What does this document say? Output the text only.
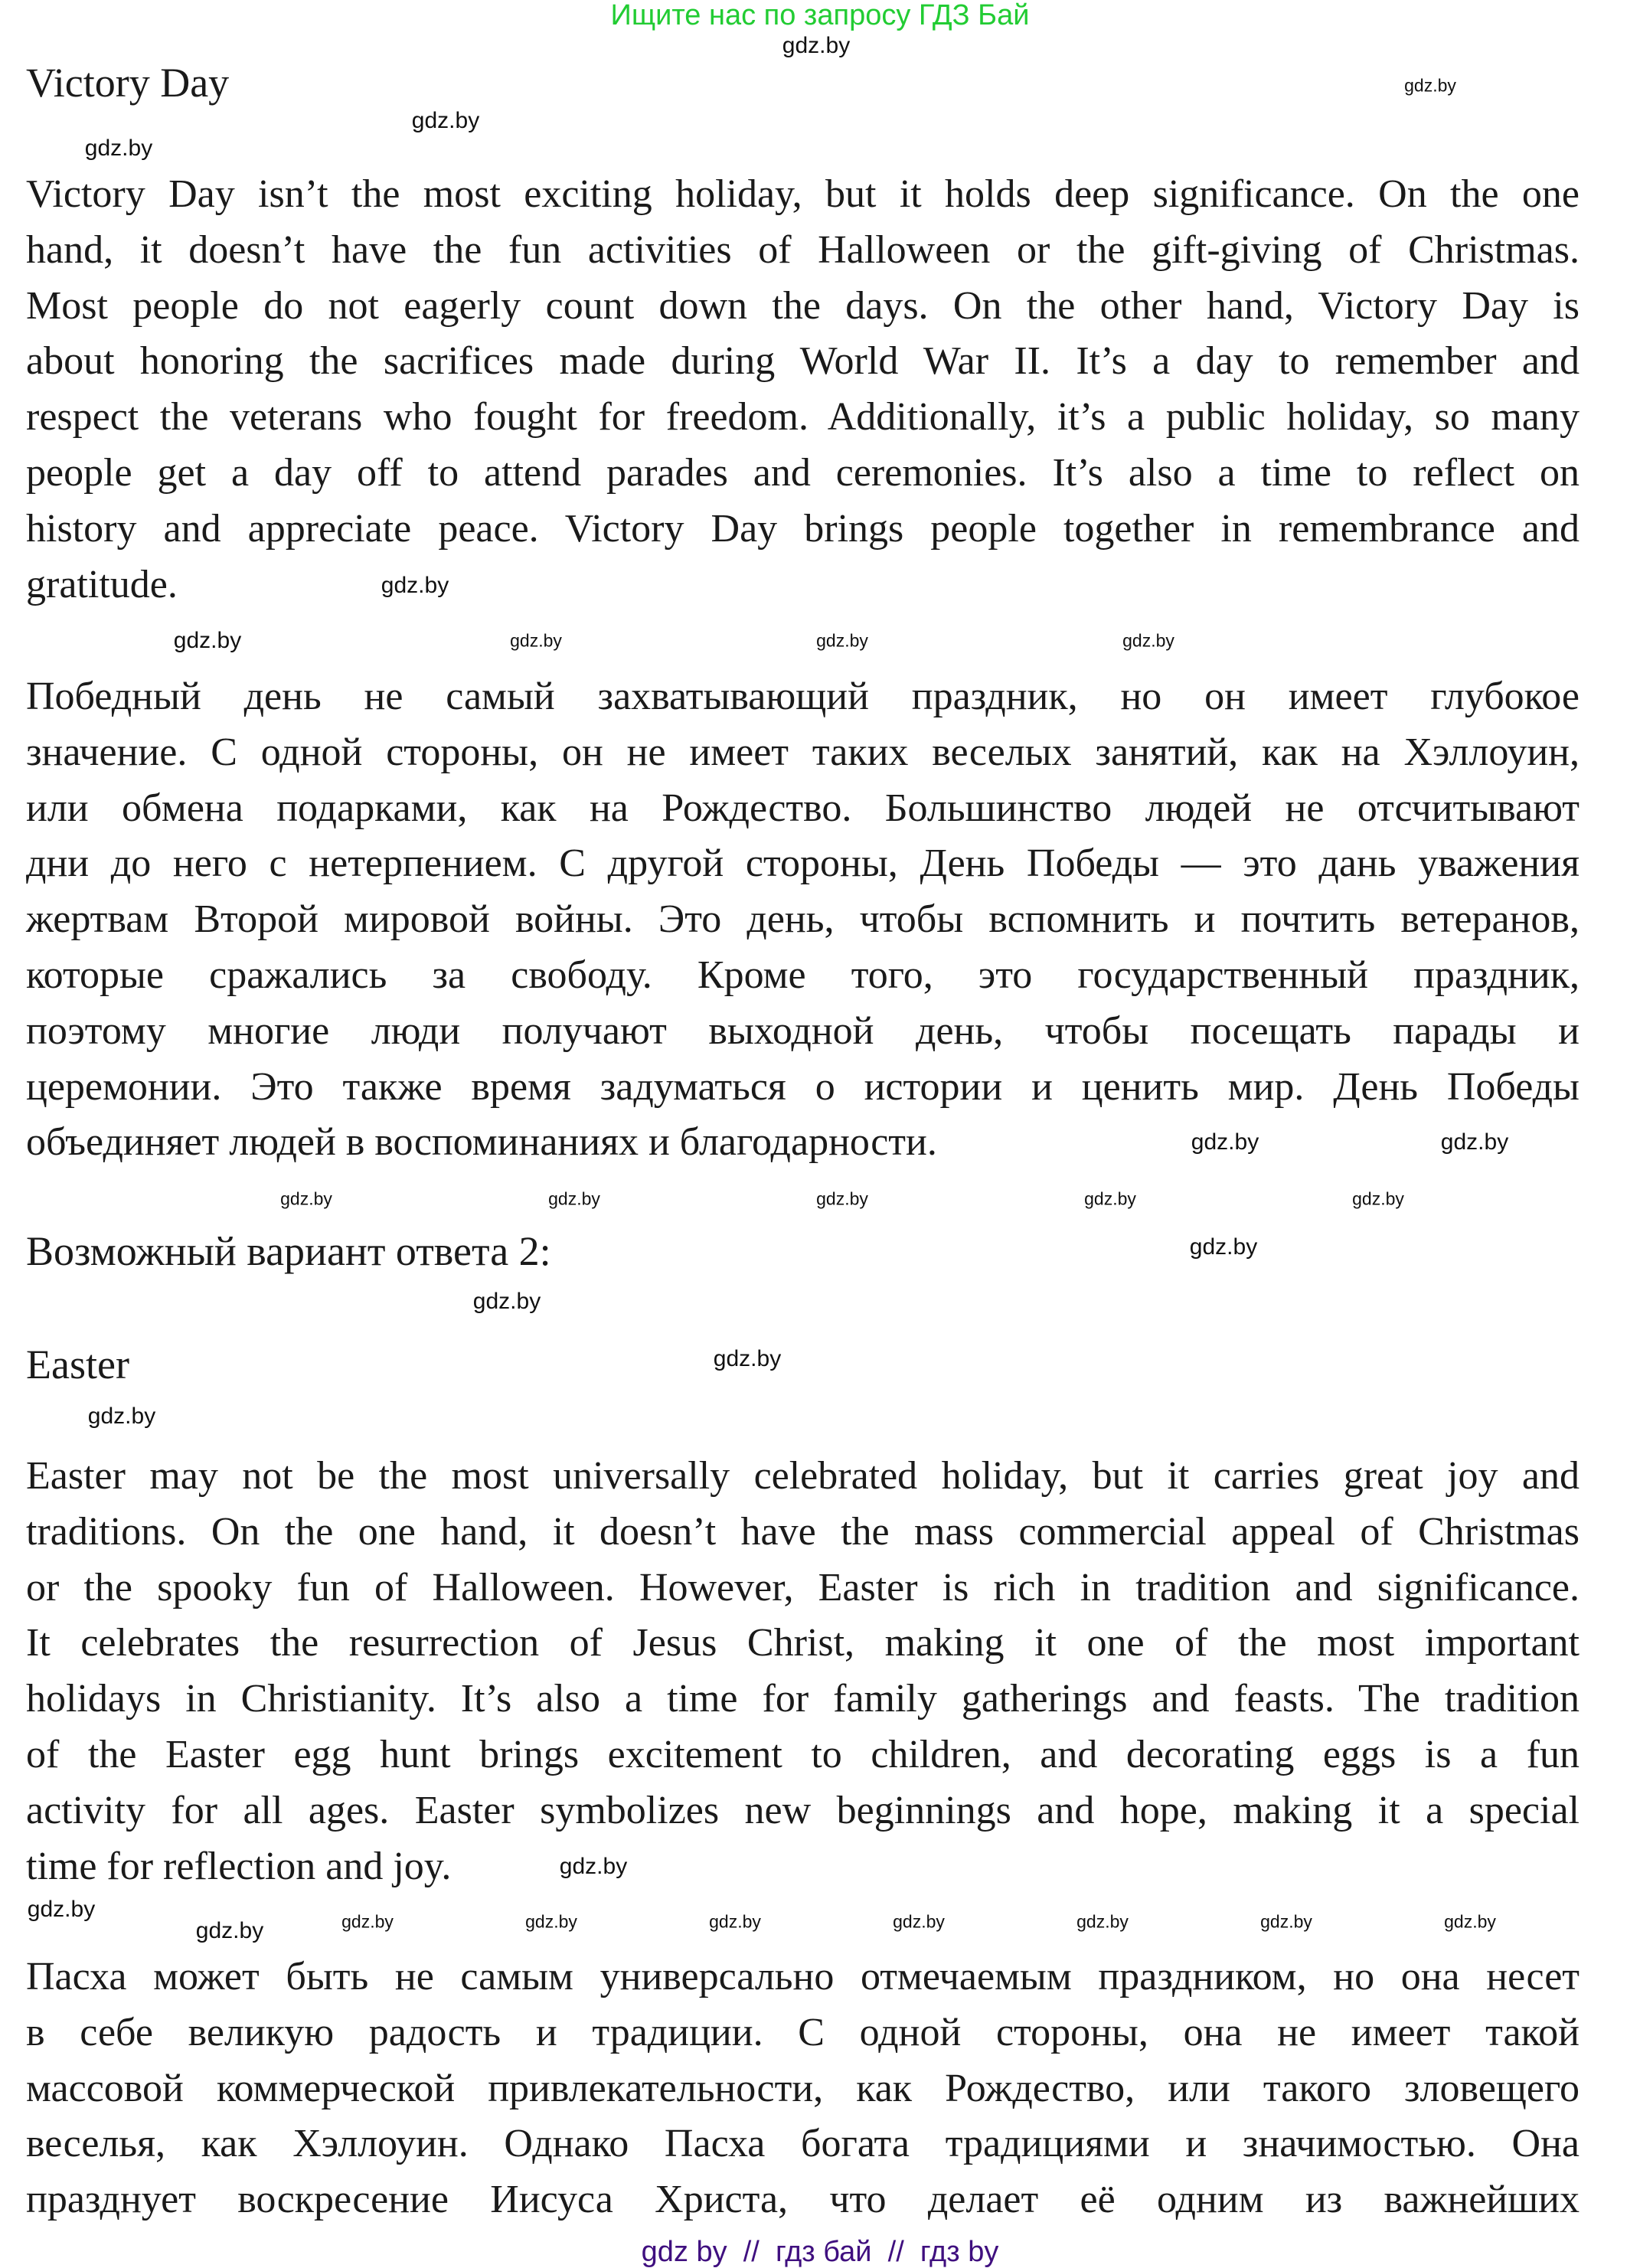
Ищите нас по запросу ГДЗ Бай
Victory Day
Victory Day isn’t the most exciting holiday, but it holds deep significance. On the one
hand, it doesn’t have the fun activities of Halloween or the gift-giving of Christmas.
Most people do not eagerly count down the days. On the other hand, Victory Day is
about honoring the sacrifices made during World War II. It’s a day to remember and
respect the veterans who fought for freedom. Additionally, it’s a public holiday, so many
people get a day off to attend parades and ceremonies. It’s also a time to reflect on
history and appreciate peace. Victory Day brings people together in remembrance and
gratitude.
Победный день не самый захватывающий праздник, но он имеет глубокое
значение. С одной стороны, он не имеет таких веселых занятий, как на Хэллоуин,
или обмена подарками, как на Рождество. Большинство людей не отсчитывают
дни до него с нетерпением. С другой стороны, День Победы — это дань уважения
жертвам Второй мировой войны. Это день, чтобы вспомнить и почтить ветеранов,
которые сражались за свободу. Кроме того, это государственный праздник,
поэтому многие люди получают выходной день, чтобы посещать парады и
церемонии. Это также время задуматься о истории и ценить мир. День Победы
объединяет людей в воспоминаниях и благодарности.
Возможный вариант ответа 2:
Easter
Easter may not be the most universally celebrated holiday, but it carries great joy and
traditions. On the one hand, it doesn’t have the mass commercial appeal of Christmas
or the spooky fun of Halloween. However, Easter is rich in tradition and significance.
It celebrates the resurrection of Jesus Christ, making it one of the most important
holidays in Christianity. It’s also a time for family gatherings and feasts. The tradition
of the Easter egg hunt brings excitement to children, and decorating eggs is a fun
activity for all ages. Easter symbolizes new beginnings and hope, making it a special
time for reflection and joy.
Пасха может быть не самым универсально отмечаемым праздником, но она несет
в себе великую радость и традиции. С одной стороны, она не имеет такой
массовой коммерческой привлекательности, как Рождество, или такого зловещего
веселья, как Хэллоуин. Однако Пасха богата традициями и значимостью. Она
празднует воскресение Иисуса Христа, что делает её одним из важнейших
gdz.by
gdz.by
gdz.by
gdz.by
gdz.by
gdz.by	gdz.by	gdz.by	gdz.by
gdz.by	gdz.by
gdz.by	gdz.by	gdz.by	gdz.by	gdz.by
gdz.by
gdz.by
gdz.by
gdz.by
gdz.by
gdz.by
gdz.by	gdz.by	gdz.by	gdz.by	gdz.by	gdz.by	gdz.by	gdz.by
gdz by  //  гдз бай  //  гдз by
